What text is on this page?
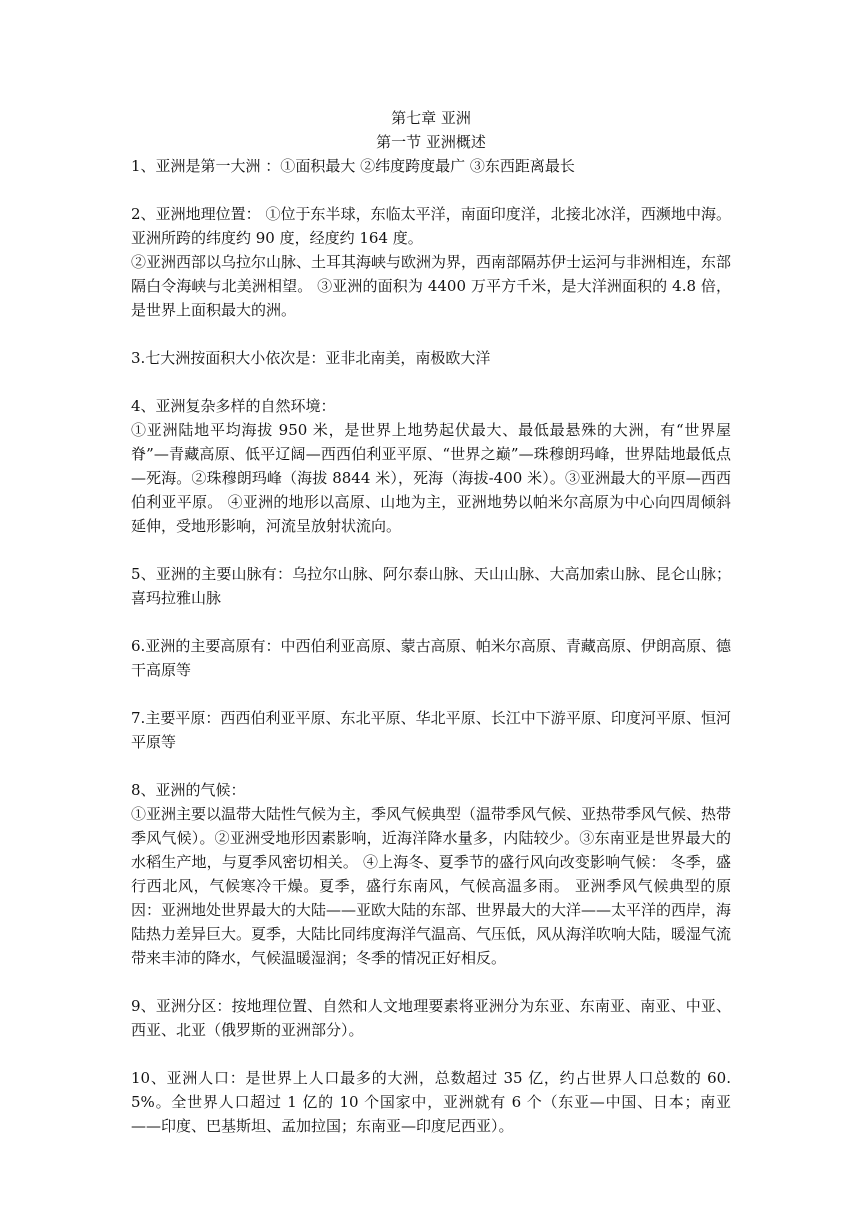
第七章 亚洲

第一节 亚洲概述

1、亚洲是第一大洲 ：①面积最大 ②纬度跨度最广 ③东西距离最长

2、亚洲地理位置： ①位于东半球，东临太平洋，南面印度洋，北接北冰洋，西濒地中海。亚洲所跨的纬度约 90 度，经度约 164 度。

②亚洲西部以乌拉尔山脉、土耳其海峡与欧洲为界，西南部隔苏伊士运河与非洲相连，东部隔白令海峡与北美洲相望。 ③亚洲的面积为 4400 万平方千米，是大洋洲面积的 4.8 倍，是世界上面积最大的洲。

3.七大洲按面积大小依次是：亚非北南美，南极欧大洋

4、亚洲复杂多样的自然环境：

①亚洲陆地平均海拔 950 米，是世界上地势起伏最大、最低最悬殊的大洲，有“世界屋脊”—青藏高原、低平辽阔—西西伯利亚平原、“世界之巅”—珠穆朗玛峰，世界陆地最低点—死海。②珠穆朗玛峰（海拔 8844 米），死海（海拔-400 米）。③亚洲最大的平原—西西伯利亚平原。 ④亚洲的地形以高原、山地为主，亚洲地势以帕米尔高原为中心向四周倾斜延伸，受地形影响，河流呈放射状流向。

5、亚洲的主要山脉有：乌拉尔山脉、阿尔泰山脉、天山山脉、大高加索山脉、昆仑山脉；喜玛拉雅山脉

6.亚洲的主要高原有：中西伯利亚高原、蒙古高原、帕米尔高原、青藏高原、伊朗高原、德干高原等

7.主要平原：西西伯利亚平原、东北平原、华北平原、长江中下游平原、印度河平原、恒河平原等

8、亚洲的气候：

①亚洲主要以温带大陆性气候为主，季风气候典型（温带季风气候、亚热带季风气候、热带季风气候）。②亚洲受地形因素影响，近海洋降水量多，内陆较少。③东南亚是世界最大的水稻生产地，与夏季风密切相关。 ④上海冬、夏季节的盛行风向改变影响气候： 冬季，盛行西北风，气候寒冷干燥。夏季，盛行东南风，气候高温多雨。 亚洲季风气候典型的原因：亚洲地处世界最大的大陆——亚欧大陆的东部、世界最大的大洋——太平洋的西岸，海陆热力差异巨大。夏季，大陆比同纬度海洋气温高、气压低，风从海洋吹响大陆，暖湿气流带来丰沛的降水，气候温暖湿润；冬季的情况正好相反。

9、亚洲分区：按地理位置、自然和人文地理要素将亚洲分为东亚、东南亚、南亚、中亚、西亚、北亚（俄罗斯的亚洲部分）。

10、亚洲人口：是世界上人口最多的大洲，总数超过 35 亿，约占世界人口总数的 60.5%。全世界人口超过 1 亿的 10 个国家中，亚洲就有 6 个（东亚—中国、日本；南亚——印度、巴基斯坦、孟加拉国；东南亚—印度尼西亚）。
